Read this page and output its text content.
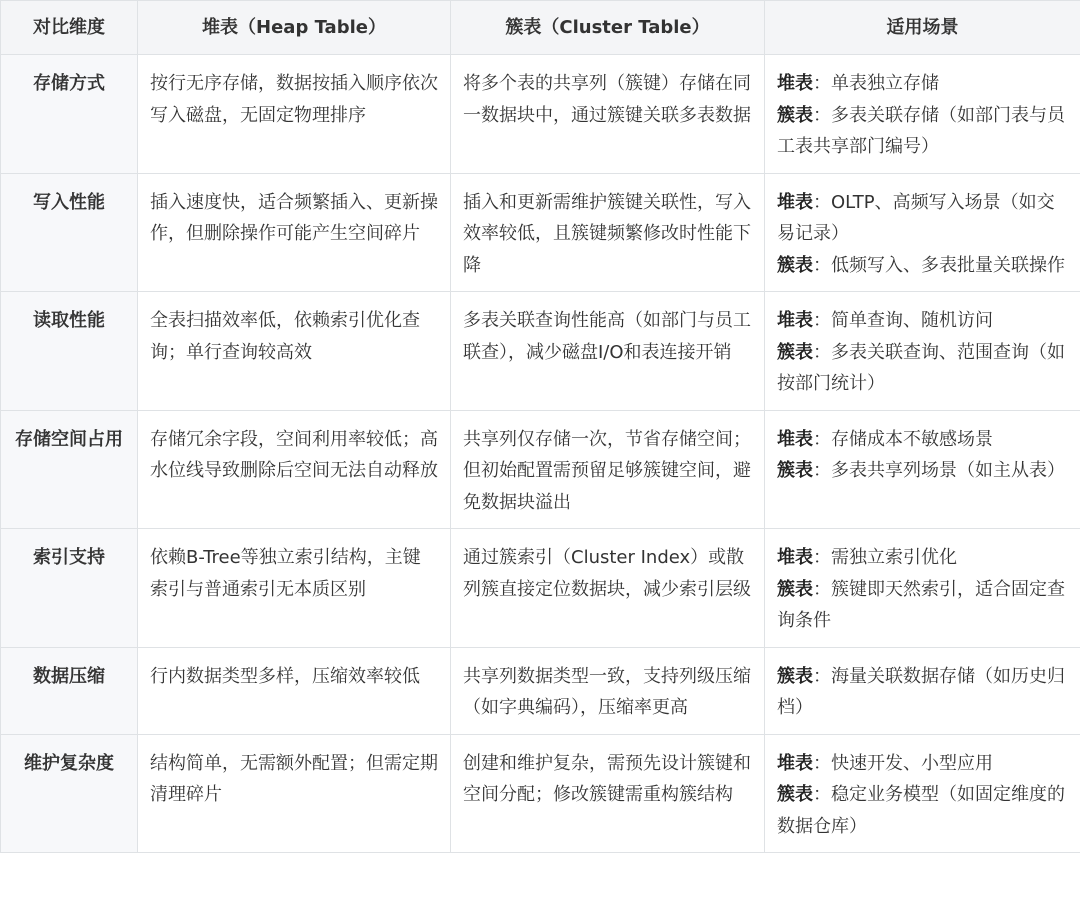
对比维度	堆表（Heap Table）	簇表（Cluster Table）	适用场景
存储方式	按行无序存储，数据按插入顺序依次写入磁盘，无固定物理排序	将多个表的共享列（簇键）存储在同一数据块中，通过簇键关联多表数据	堆表：单表独立存储
簇表：多表关联存储（如部门表与员工表共享部门编号）

写入性能	插入速度快，适合频繁插入、更新操作，但删除操作可能产生空间碎片	插入和更新需维护簇键关联性，写入效率较低，且簇键频繁修改时性能下降	堆表：OLTP、高频写入场景（如交易记录）
簇表：低频写入、多表批量关联操作

读取性能	全表扫描效率低，依赖索引优化查询；单行查询较高效	多表关联查询性能高（如部门与员工联查），减少磁盘I/O和表连接开销	堆表：简单查询、随机访问
簇表：多表关联查询、范围查询（如按部门统计）

存储空间占用	存储冗余字段，空间利用率较低；高水位线导致删除后空间无法自动释放	共享列仅存储一次，节省存储空间；但初始配置需预留足够簇键空间，避免数据块溢出	堆表：存储成本不敏感场景
簇表：多表共享列场景（如主从表）

索引支持	依赖B-Tree等独立索引结构，主键索引与普通索引无本质区别	通过簇索引（Cluster Index）或散列簇直接定位数据块，减少索引层级	堆表：需独立索引优化
簇表：簇键即天然索引，适合固定查询条件

数据压缩	行内数据类型多样，压缩效率较低	共享列数据类型一致，支持列级压缩（如字典编码），压缩率更高	簇表：海量关联数据存储（如历史归档）

维护复杂度	结构简单，无需额外配置；但需定期清理碎片	创建和维护复杂，需预先设计簇键和空间分配；修改簇键需重构簇结构	堆表：快速开发、小型应用
簇表：稳定业务模型（如固定维度的数据仓库）
